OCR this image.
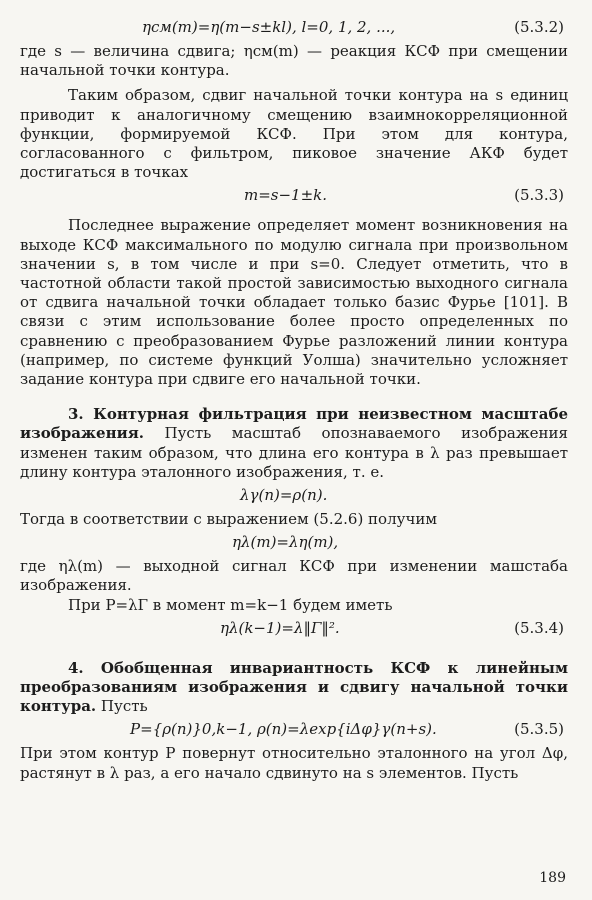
ηсм(m)=η(m−s±kl), l=0, 1, 2, ...,	(5.3.2)

где s — величина сдвига; ηсм(m) — реакция КСФ при смещении начальной точки контура.

Таким образом, сдвиг начальной точки контура на s единиц приводит к аналогичному смещению взаимнокорреляционной функции, формируемой КСФ. При этом для контура, согласованного с фильтром, пиковое значение АКФ будет достигаться в точках

m=s−1±k.	(5.3.3)

Последнее выражение определяет момент возникновения на выходе КСФ максимального по модулю сигнала при произвольном значении s, в том числе и при s=0. Следует отметить, что в частотной области такой простой зависимостью выходного сигнала от сдвига начальной точки обладает только базис Фурье [101]. В связи с этим использование более просто определенных по сравнению с преобразованием Фурье разложений линии контура (например, по системе функций Уолша) значительно усложняет задание контура при сдвиге его начальной точки.

3. Контурная фильтрация при неизвестном масштабе изображения. Пусть масштаб опознаваемого изображения изменен таким образом, что длина его контура в λ раз превышает длину контура эталонного изображения, т. е.

λγ(n)=ρ(n).

Тогда в соответствии с выражением (5.2.6) получим

ηλ(m)=λη(m),

где ηλ(m) — выходной сигнал КСФ при изменении машстаба изображения.

При P=λΓ в момент m=k−1 будем иметь

ηλ(k−1)=λ‖Γ‖².	(5.3.4)

4. Обобщенная инвариантность КСФ к линейным преобразованиям изображения и сдвигу начальной точки контура. Пусть

P={ρ(n)}0,k−1, ρ(n)=λexp{iΔφ}γ(n+s).	(5.3.5)

При этом контур P повернут относительно эталонного на угол Δφ, растянут в λ раз, а его начало сдвинуто на s элементов. Пусть

189
